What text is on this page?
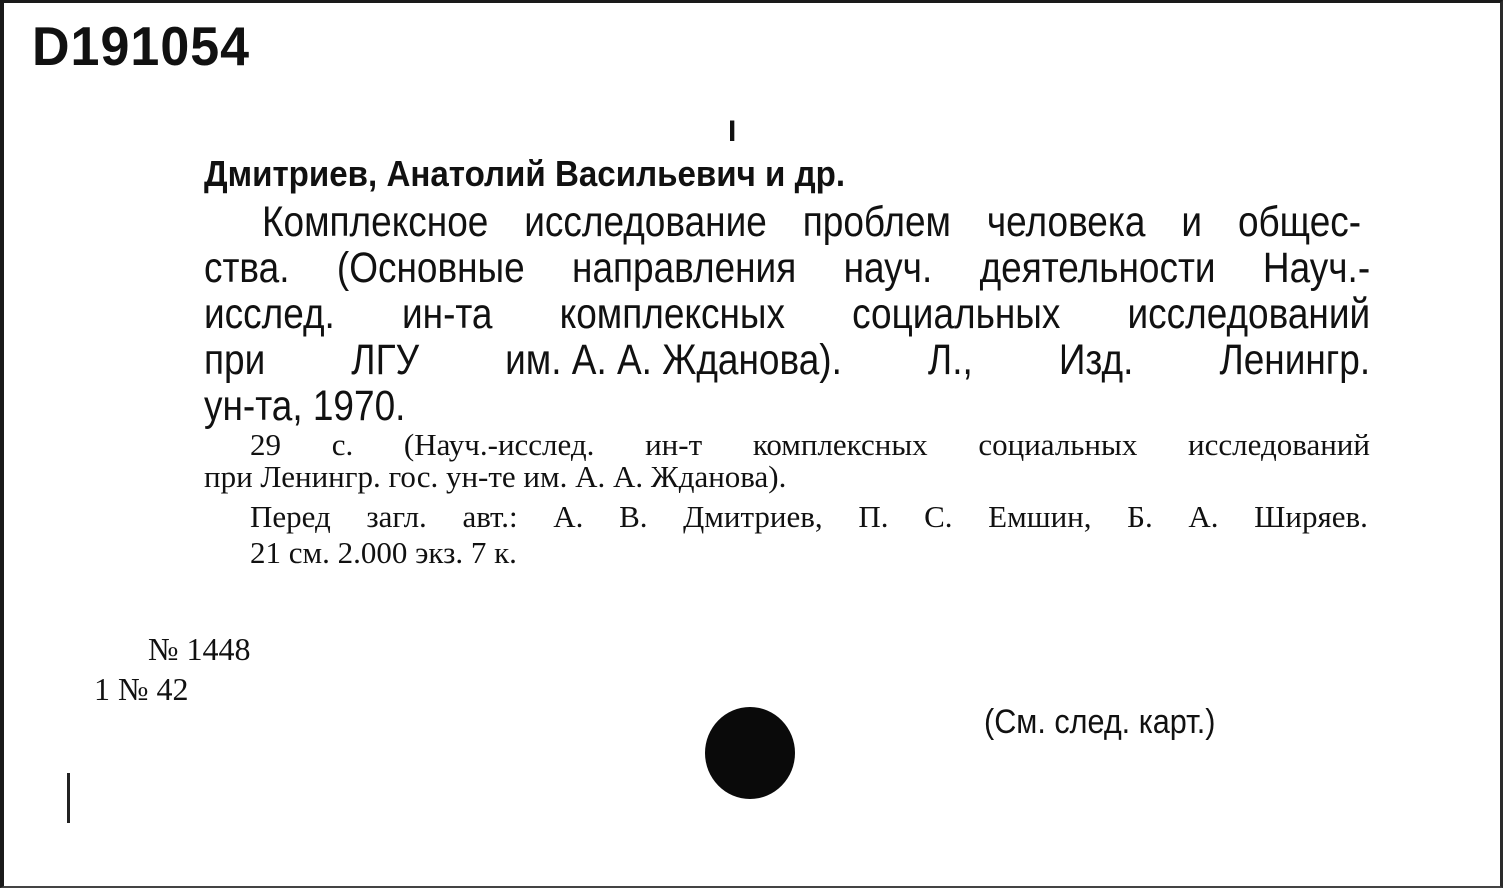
D191054
I
Дмитриев, Анатолий Васильевич и др.
Комплексное исследование проблем человека и общес-
ства. (Основные направления науч. деятельности Науч.-
исслед. ин-та комплексных социальных исследований
при ЛГУ им. А. А. Жданова). Л., Изд. Ленингр.
ун-та, 1970.
29 с. (Науч.-исслед. ин-т комплексных социальных исследований
при Ленингр. гос. ун-те им. А. А. Жданова).
Перед загл. авт.: А. В. Дмитриев, П. С. Емшин, Б. А. Ширяев.
21 см. 2.000 экз. 7 к.
№ 1448
1 № 42
(См. след. карт.)
